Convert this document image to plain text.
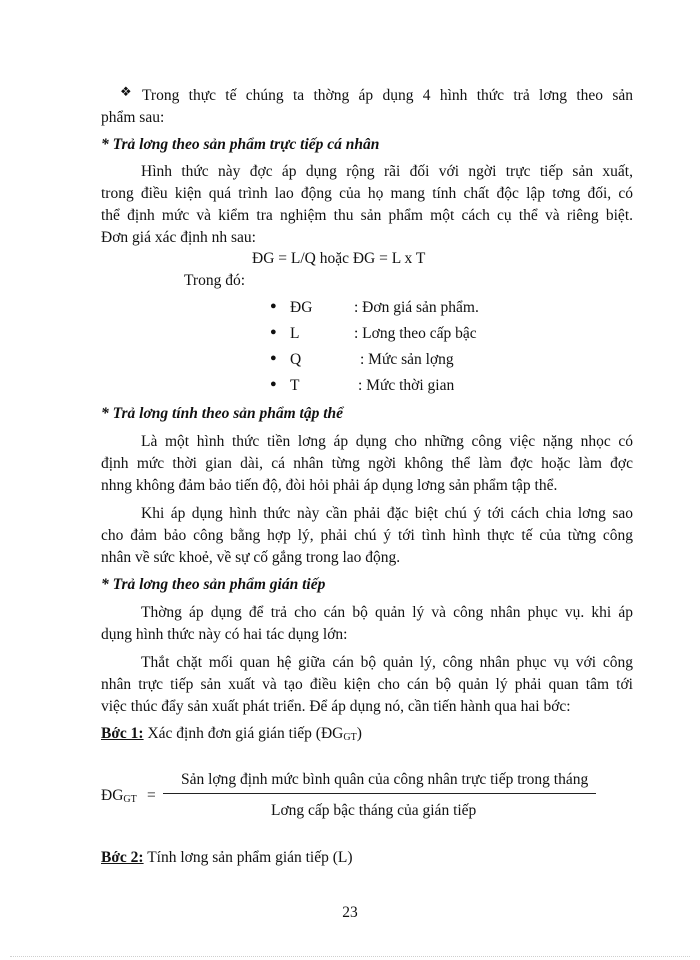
❖ Trong thực tế chúng ta thờng áp dụng 4 hình thức trả lơng theo sản
phẩm sau:
* Trả lơng theo sản phẩm trực tiếp cá nhân
Hình thức này đợc áp dụng rộng rãi đối với ngời trực tiếp sản xuất,
trong điều kiện quá trình lao động của họ mang tính chất độc lập tơng đối, có
thể định mức và kiểm tra nghiệm thu sản phẩm một cách cụ thể và riêng biệt.
Đơn giá xác định nh sau:
ĐG = L/Q hoặc ĐG = L x T
Trong đó:
● ĐG	: Đơn giá sản phẩm.
● L	: Lơng theo cấp bậc
● Q	: Mức sản lợng
● T	: Mức thời gian
* Trả lơng tính theo sản phẩm tập thể
Là một hình thức tiền lơng áp dụng cho những công việc nặng nhọc có
định mức thời gian dài, cá nhân từng ngời không thể làm đợc hoặc làm đợc
nhng không đảm bảo tiến độ, đòi hỏi phải áp dụng lơng sản phẩm tập thể.
Khi áp dụng hình thức này cần phải đặc biệt chú ý tới cách chia lơng sao
cho đảm bảo công bằng hợp lý, phải chú ý tới tình hình thực tế của từng công
nhân về sức khoẻ, về sự cố gắng trong lao động.
* Trả lơng theo sản phẩm gián tiếp
Thờng áp dụng để trả cho cán bộ quản lý và công nhân phục vụ. khi áp
dụng hình thức này có hai tác dụng lớn:
Thắt chặt mối quan hệ giữa cán bộ quản lý, công nhân phục vụ với công
nhân trực tiếp sản xuất và tạo điều kiện cho cán bộ quản lý phải quan tâm tới
việc thúc đẩy sản xuất phát triển. Để áp dụng nó, cần tiến hành qua hai bớc:
Bớc 1: Xác định đơn giá gián tiếp $(ĐG_{GT})$
$ĐG_{GT}$ =
Sản lợng định mức bình quân của công nhân trực tiếp trong tháng
Lơng cấp bậc tháng của gián tiếp
Bớc 2: Tính lơng sản phẩm gián tiếp (L)
23
